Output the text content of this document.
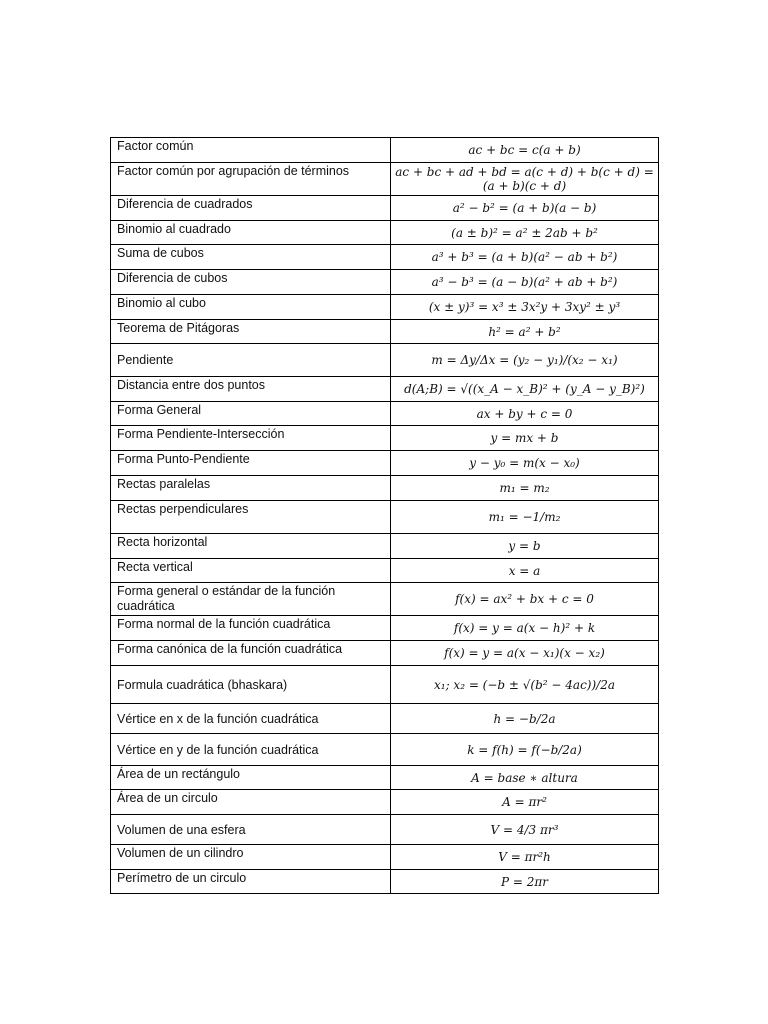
Factor común	ac + bc = c(a + b)
Factor común por agrupación de términos	ac + bc + ad + bd = a(c + d) + b(c + d) = (a + b)(c + d)
Diferencia de cuadrados	a² − b² = (a + b)(a − b)
Binomio al cuadrado	(a ± b)² = a² ± 2ab + b²
Suma de cubos	a³ + b³ = (a + b)(a² − ab + b²)
Diferencia de cubos	a³ − b³ = (a − b)(a² + ab + b²)
Binomio al cubo	(x ± y)³ = x³ ± 3x²y + 3xy² ± y³
Teorema de Pitágoras	h² = a² + b²
Pendiente	m = Δy/Δx = (y₂ − y₁)/(x₂ − x₁)
Distancia entre dos puntos	d(A;B) = √((x_A − x_B)² + (y_A − y_B)²)
Forma General	ax + by + c = 0
Forma Pendiente-Intersección	y = mx + b
Forma Punto-Pendiente	y − y₀ = m(x − x₀)
Rectas paralelas	m₁ = m₂
Rectas perpendiculares	m₁ = −1/m₂
Recta horizontal	y = b
Recta vertical	x = a
Forma general o estándar de la función cuadrática	f(x) = ax² + bx + c = 0
Forma normal de la función cuadrática	f(x) = y = a(x − h)² + k
Forma canónica de la función cuadrática	f(x) = y = a(x − x₁)(x − x₂)
Formula cuadrática (bhaskara)	x₁; x₂ = (−b ± √(b² − 4ac))/2a
Vértice en x de la función cuadrática	h = −b/2a
Vértice en y de la función cuadrática	k = f(h) = f(−b/2a)
Área de un rectángulo	A = base ∗ altura
Área de un circulo	A = πr²
Volumen de una esfera	V = 4/3 πr³
Volumen de un cilindro	V = πr²h
Perímetro de un circulo	P = 2πr
